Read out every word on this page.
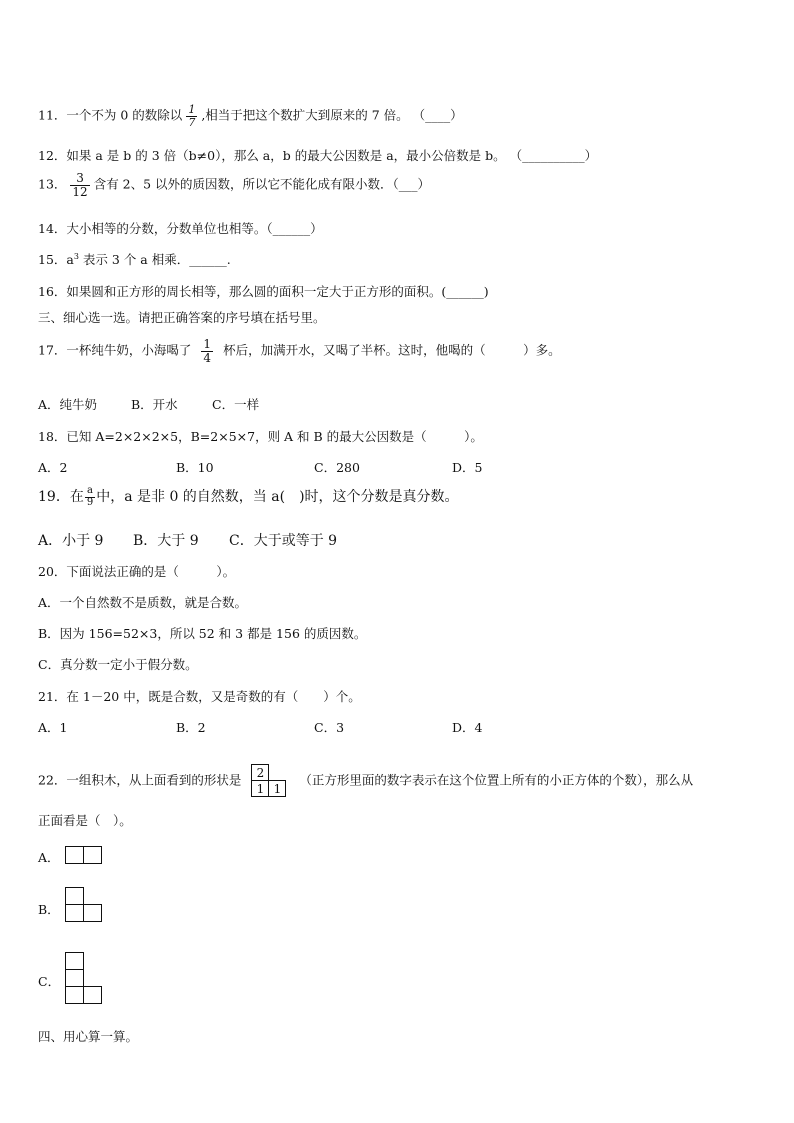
11．一个不为 0 的数除以 $\frac{1}{7}$ ,相当于把这个数扩大到原来的 7 倍。 （____）
12．如果 a 是 b 的 3 倍（b≠0），那么 a，b 的最大公因数是 a，最小公倍数是 b。 （__________）
13． $\frac{3}{12}$ 含有 2、5 以外的质因数，所以它不能化成有限小数．（___）
14．大小相等的分数，分数单位也相等。（______）
15．$a^3$ 表示 3 个 a 相乘．______.
16．如果圆和正方形的周长相等，那么圆的面积一定大于正方形的面积。(______)
三、细心选一选。请把正确答案的序号填在括号里。
17．一杯纯牛奶，小海喝了 $\frac{1}{4}$ 杯后，加满开水，又喝了半杯。这时，他喝的（　　　）多。
A．纯牛奶	B．开水	C．一样
18．已知 A=2×2×2×5，B=2×5×7，则 A 和 B 的最大公因数是（　　　）。
A．2	B．10	C．280	D．5
19．在 $\frac{a}{9}$ 中，a 是非 0 的自然数，当 a(　)时，这个分数是真分数。
A．小于 9 B．大于 9 C．大于或等于 9
20．下面说法正确的是（　　　）。
A．一个自然数不是质数，就是合数。
B．因为 156=52×3，所以 52 和 3 都是 156 的质因数。
C．真分数一定小于假分数。
21．在 1－20 中，既是合数，又是奇数的有（　　）个。
A．1	B．2	C．3	D．4
22．一组积木，从上面看到的形状是	2
1 1
（正方形里面的数字表示在这个位置上所有的小正方体的个数），那么从
正面看是（　）。
A．
B．
C．
四、用心算一算。
